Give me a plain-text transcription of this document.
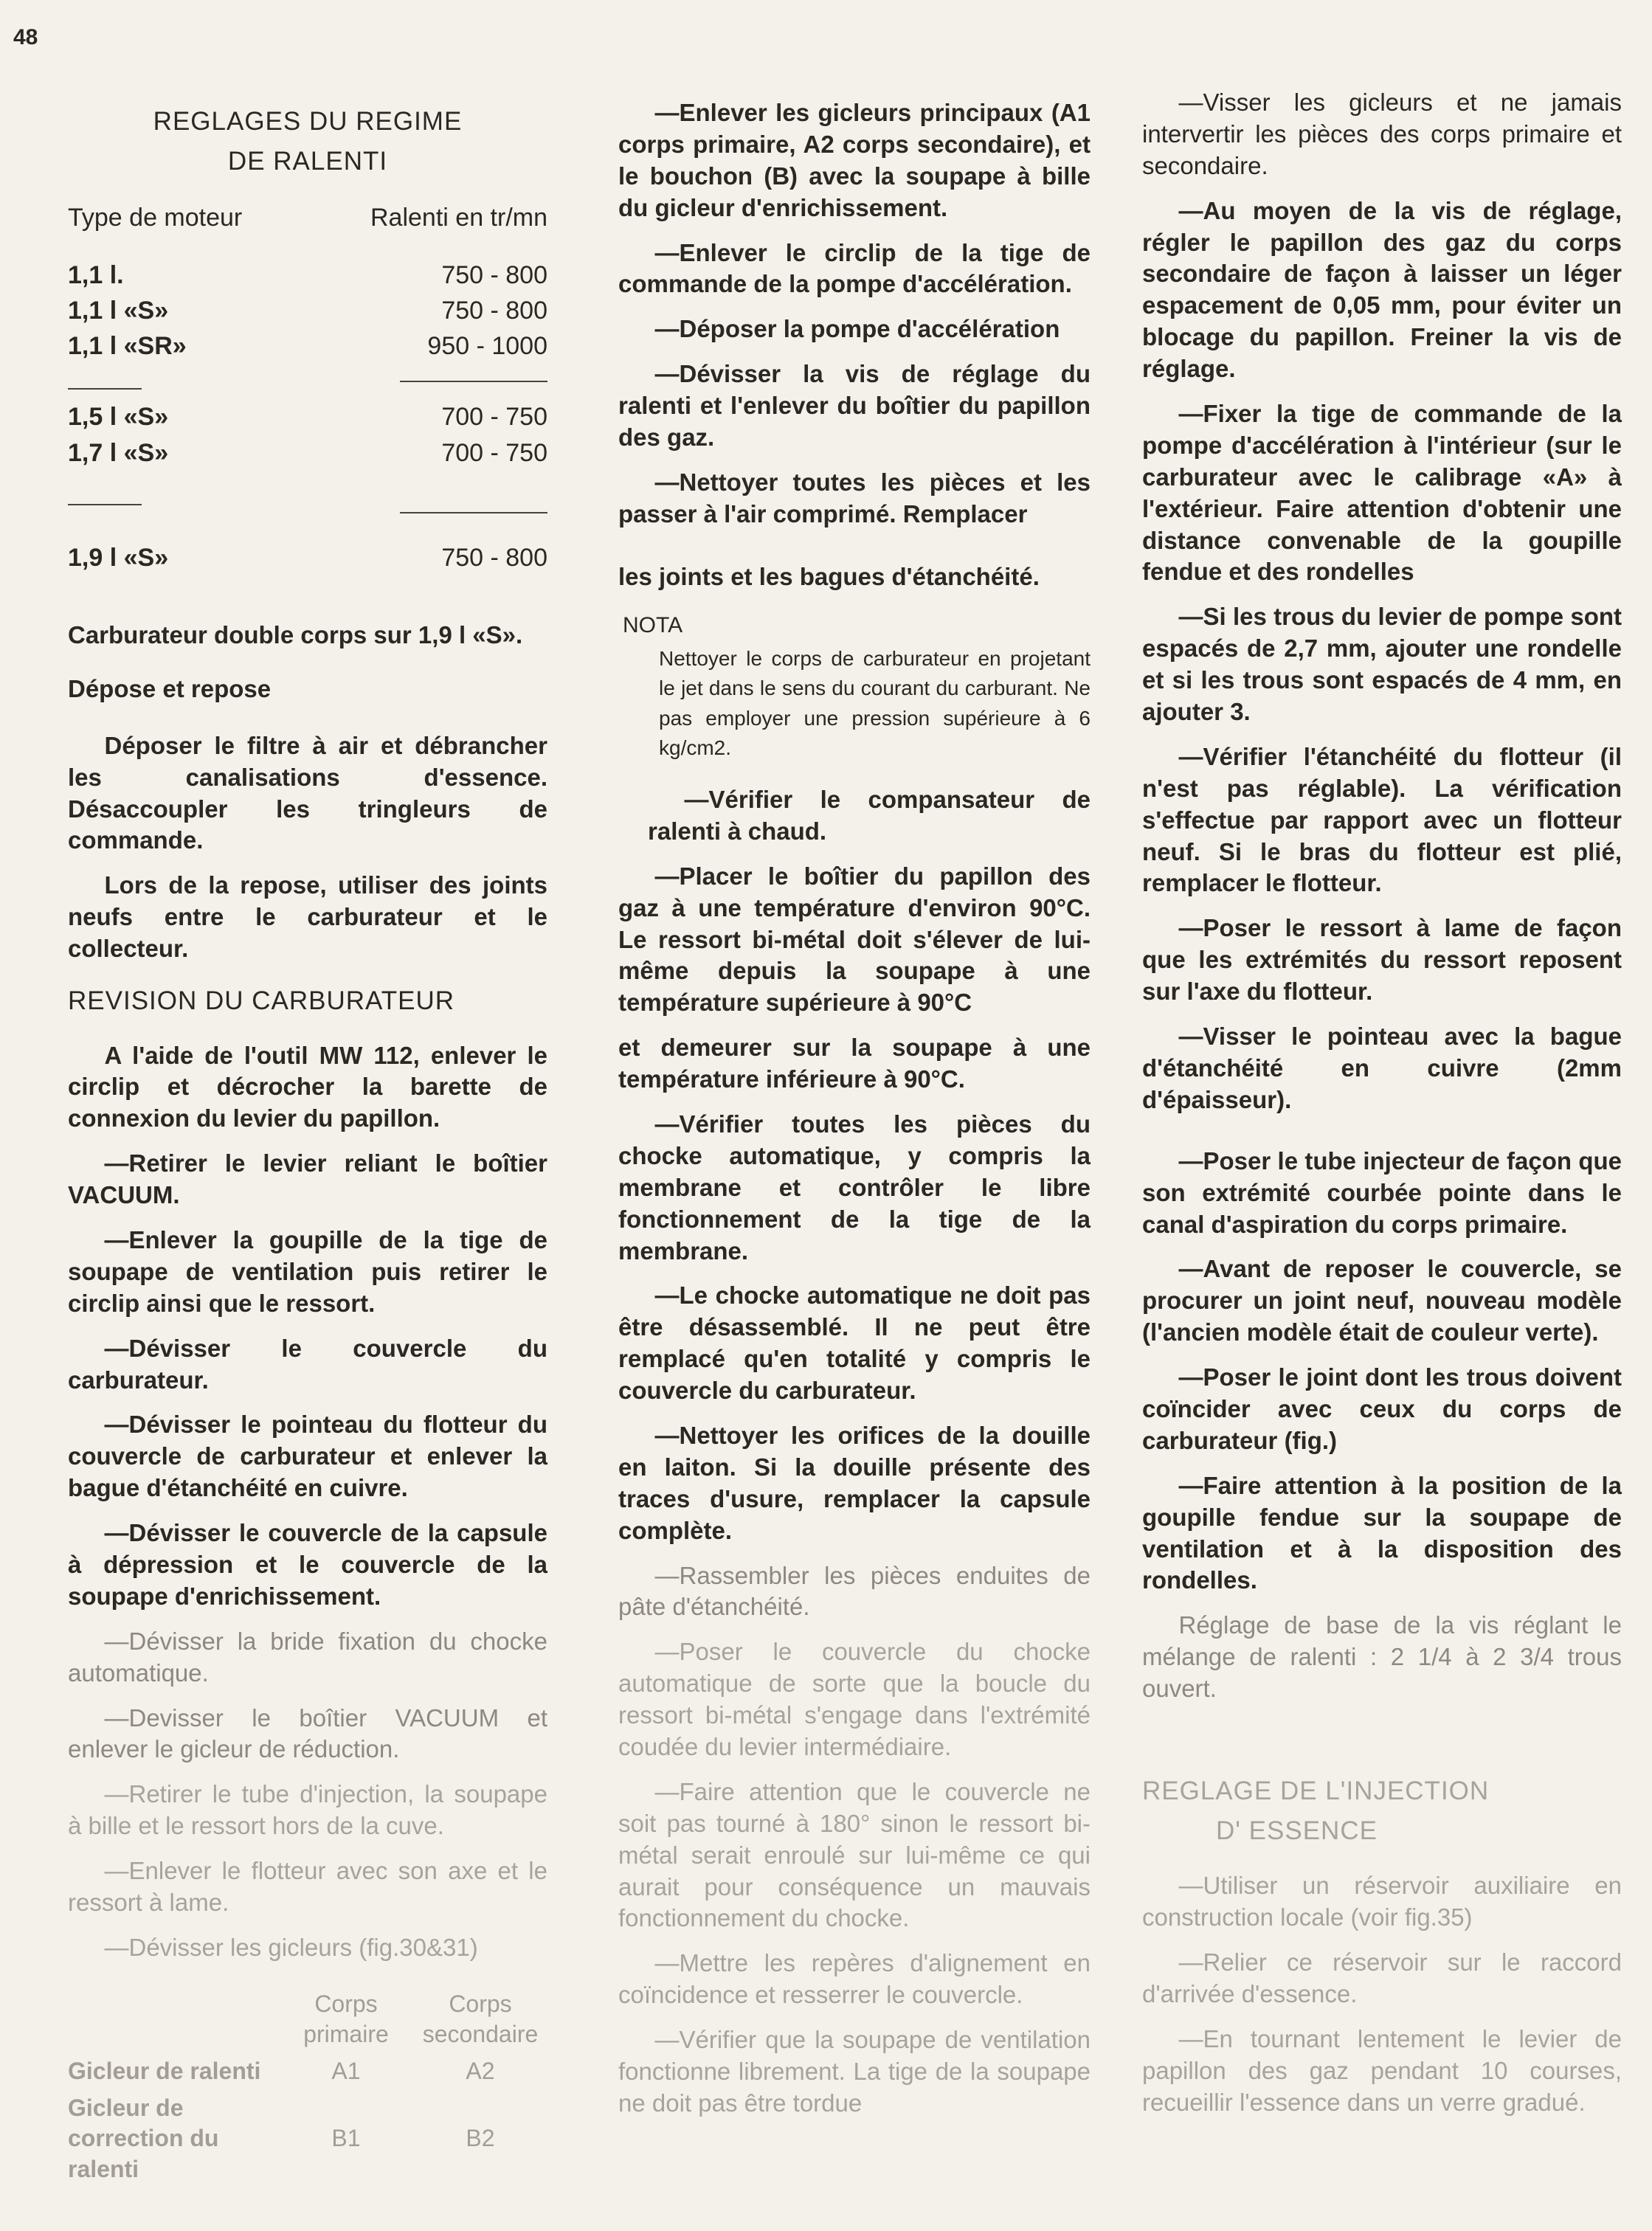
48
REGLAGES DU REGIME
DE RALENTI
Type de moteur	Ralenti en tr/mn
1,1 l.	750 - 800
1,1 l «S»	750 - 800
1,1 l «SR»	950 - 1000

1,5 l «S»	700 - 750
1,7 l «S»	700 - 750

1,9 l «S»	750 - 800

Carburateur double corps sur 1,9 l «S».

Dépose et repose

Déposer le filtre à air et débrancher les canalisations d'essence. Désaccoupler les tringleurs de commande.

Lors de la repose, utiliser des joints neufs entre le carburateur et le collecteur.

REVISION DU CARBURATEUR

A l'aide de l'outil MW 112, enlever le circlip et décrocher la barette de connexion du levier du papillon.

—Retirer le levier reliant le boîtier VACUUM.

—Enlever la goupille de la tige de soupape de ventilation puis retirer le circlip ainsi que le ressort.

—Dévisser le couvercle du carburateur.

—Dévisser le pointeau du flotteur du couvercle de carburateur et enlever la bague d'étanchéité en cuivre.

—Dévisser le couvercle de la capsule à dépression et le couvercle de la soupape d'enrichissement.

—Dévisser la bride fixation du chocke automatique.

—Devisser le boîtier VACUUM et enlever le gicleur de réduction.

—Retirer le tube d'injection, la soupape à bille et le ressort hors de la cuve.

—Enlever le flotteur avec son axe et le ressort à lame.

—Dévisser les gicleurs (fig.30&31)

	Corps primaire	Corps secondaire
Gicleur de ralenti	A1	A2
Gicleur de correction du ralenti	B1	B2

—Enlever les gicleurs principaux (A1 corps primaire, A2 corps secondaire), et le bouchon (B) avec la soupape à bille du gicleur d'enrichissement.

—Enlever le circlip de la tige de commande de la pompe d'accélération.

—Déposer la pompe d'accélération

—Dévisser la vis de réglage du ralenti et l'enlever du boîtier du papillon des gaz.

—Nettoyer toutes les pièces et les passer à l'air comprimé. Remplacer

les joints et les bagues d'étanchéité.

NOTA
Nettoyer le corps de carburateur en projetant le jet dans le sens du courant du carburant. Ne pas employer une pression supérieure à 6 kg/cm2.

—Vérifier le compansateur de ralenti à chaud.

—Placer le boîtier du papillon des gaz à une température d'environ 90°C. Le ressort bi-métal doit s'élever de lui-même depuis la soupape à une température supérieure à 90°C

et demeurer sur la soupape à une température inférieure à 90°C.

—Vérifier toutes les pièces du chocke automatique, y compris la membrane et contrôler le libre fonctionnement de la tige de la membrane.

—Le chocke automatique ne doit pas être désassemblé. Il ne peut être remplacé qu'en totalité y compris le couvercle du carburateur.

—Nettoyer les orifices de la douille en laiton. Si la douille présente des traces d'usure, remplacer la capsule complète.

—Rassembler les pièces enduites de pâte d'étanchéité.

—Poser le couvercle du chocke automatique de sorte que la boucle du ressort bi-métal s'engage dans l'extrémité coudée du levier intermédiaire.

—Faire attention que le couvercle ne soit pas tourné à 180° sinon le ressort bi-métal serait enroulé sur lui-même ce qui aurait pour conséquence un mauvais fonctionnement du chocke.

—Mettre les repères d'alignement en coïncidence et resserrer le couvercle.

—Vérifier que la soupape de ventilation fonctionne librement. La tige de la soupape ne doit pas être tordue

—Visser les gicleurs et ne jamais intervertir les pièces des corps primaire et secondaire.

—Au moyen de la vis de réglage, régler le papillon des gaz du corps secondaire de façon à laisser un léger espacement de 0,05 mm, pour éviter un blocage du papillon. Freiner la vis de réglage.

—Fixer la tige de commande de la pompe d'accélération à l'intérieur (sur le carburateur avec le calibrage «A» à l'extérieur. Faire attention d'obtenir une distance convenable de la goupille fendue et des rondelles

—Si les trous du levier de pompe sont espacés de 2,7 mm, ajouter une rondelle et si les trous sont espacés de 4 mm, en ajouter 3.

—Vérifier l'étanchéité du flotteur (il n'est pas réglable). La vérification s'effectue par rapport avec un flotteur neuf. Si le bras du flotteur est plié, remplacer le flotteur.

—Poser le ressort à lame de façon que les extrémités du ressort reposent sur l'axe du flotteur.

—Visser le pointeau avec la bague d'étanchéité en cuivre (2mm d'épaisseur).

—Poser le tube injecteur de façon que son extrémité courbée pointe dans le canal d'aspiration du corps primaire.

—Avant de reposer le couvercle, se procurer un joint neuf, nouveau modèle (l'ancien modèle était de couleur verte).

—Poser le joint dont les trous doivent coïncider avec ceux du corps de carburateur (fig.)

—Faire attention à la position de la goupille fendue sur la soupape de ventilation et à la disposition des rondelles.

Réglage de base de la vis réglant le mélange de ralenti : 2 1/4 à 2 3/4 trous ouvert.

REGLAGE DE L'INJECTION
D' ESSENCE

—Utiliser un réservoir auxiliaire en construction locale (voir fig.35)

—Relier ce réservoir sur le raccord d'arrivée d'essence.

—En tournant lentement le levier de papillon des gaz pendant 10 courses, recueillir l'essence dans un verre gradué.
